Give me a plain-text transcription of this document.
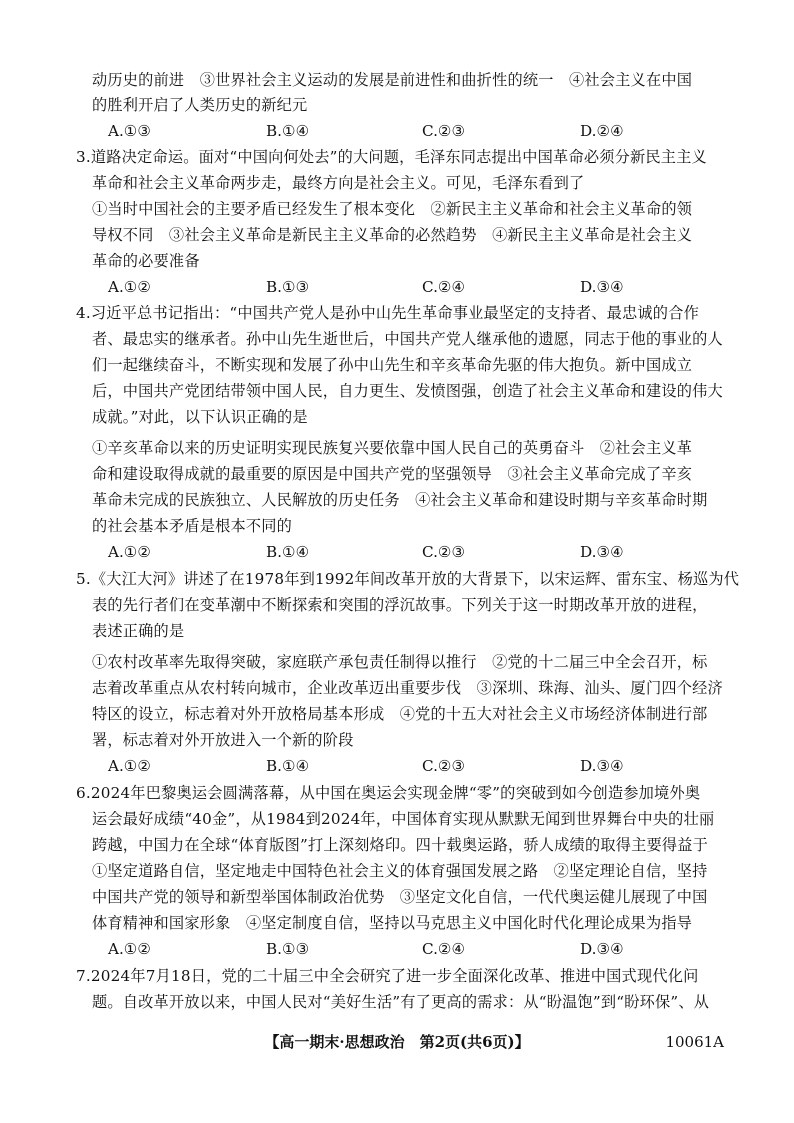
动历史的前进　③世界社会主义运动的发展是前进性和曲折性的统一　④社会主义在中国
的胜利开启了人类历史的新纪元
A.①③	B.①④	C.②③	D.②④
3.道路决定命运。面对“中国向何处去”的大问题，毛泽东同志提出中国革命必须分新民主主义
革命和社会主义革命两步走，最终方向是社会主义。可见，毛泽东看到了
①当时中国社会的主要矛盾已经发生了根本变化　②新民主主义革命和社会主义革命的领
导权不同　③社会主义革命是新民主主义革命的必然趋势　④新民主主义革命是社会主义
革命的必要准备
A.①②	B.①③	C.②④	D.③④
4.习近平总书记指出：“中国共产党人是孙中山先生革命事业最坚定的支持者、最忠诚的合作
者、最忠实的继承者。孙中山先生逝世后，中国共产党人继承他的遗愿，同志于他的事业的人
们一起继续奋斗，不断实现和发展了孙中山先生和辛亥革命先驱的伟大抱负。新中国成立
后，中国共产党团结带领中国人民，自力更生、发愤图强，创造了社会主义革命和建设的伟大
成就。”对此，以下认识正确的是
①辛亥革命以来的历史证明实现民族复兴要依靠中国人民自己的英勇奋斗　②社会主义革
命和建设取得成就的最重要的原因是中国共产党的坚强领导　③社会主义革命完成了辛亥
革命未完成的民族独立、人民解放的历史任务　④社会主义革命和建设时期与辛亥革命时期
的社会基本矛盾是根本不同的
A.①②	B.①④	C.②③	D.③④
5.《大江大河》讲述了在1978年到1992年间改革开放的大背景下，以宋运辉、雷东宝、杨巡为代
表的先行者们在变革潮中不断探索和突围的浮沉故事。下列关于这一时期改革开放的进程，
表述正确的是
①农村改革率先取得突破，家庭联产承包责任制得以推行　②党的十二届三中全会召开，标
志着改革重点从农村转向城市，企业改革迈出重要步伐　③深圳、珠海、汕头、厦门四个经济
特区的设立，标志着对外开放格局基本形成　④党的十五大对社会主义市场经济体制进行部
署，标志着对外开放进入一个新的阶段
A.①②	B.①④	C.②③	D.③④
6.2024年巴黎奥运会圆满落幕，从中国在奥运会实现金牌“零”的突破到如今创造参加境外奥
运会最好成绩“40金”，从1984到2024年，中国体育实现从默默无闻到世界舞台中央的壮丽
跨越，中国力在全球“体育版图”打上深刻烙印。四十载奥运路，骄人成绩的取得主要得益于
①坚定道路自信，坚定地走中国特色社会主义的体育强国发展之路　②坚定理论自信，坚持
中国共产党的领导和新型举国体制政治优势　③坚定文化自信，一代代奥运健儿展现了中国
体育精神和国家形象　④坚定制度自信，坚持以马克思主义中国化时代化理论成果为指导
A.①②	B.①③	C.②④	D.③④
7.2024年7月18日，党的二十届三中全会研究了进一步全面深化改革、推进中国式现代化问
题。自改革开放以来，中国人民对“美好生活”有了更高的需求：从“盼温饱”到“盼环保”、从
【高一期末·思想政治　第2页(共6页)】	10061A
